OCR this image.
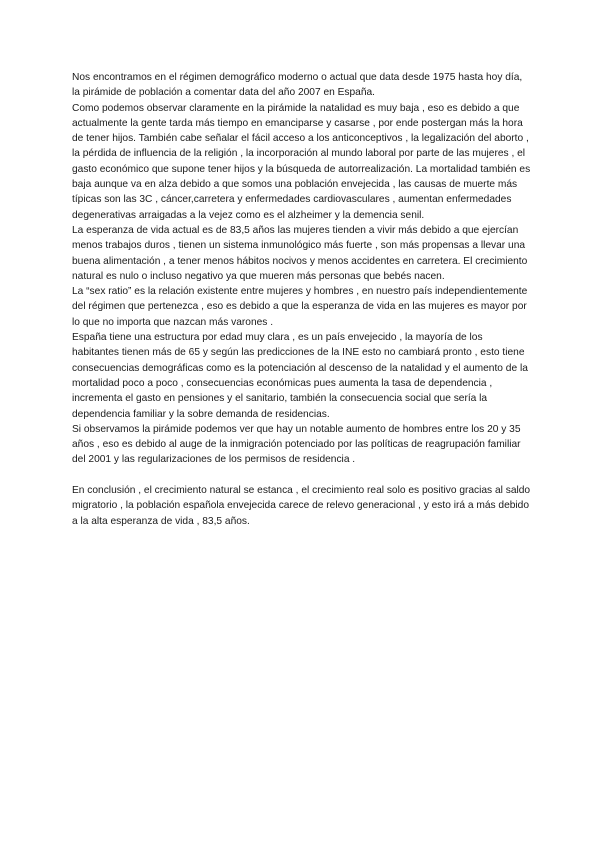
Nos encontramos en el régimen demográfico moderno o actual que data desde 1975 hasta hoy día, la pirámide de población a comentar data del año 2007 en España.

Como podemos observar claramente en la pirámide la natalidad es muy baja , eso es debido a que actualmente la gente tarda más tiempo en emanciparse y casarse , por ende postergan más la hora de tener hijos. También cabe señalar el fácil acceso a los anticonceptivos , la legalización del aborto , la pérdida de influencia de la religión , la incorporación al mundo laboral por parte de las mujeres , el gasto económico que supone tener hijos y la búsqueda de autorrealización. La mortalidad también es baja aunque va en alza debido a que somos una población envejecida , las causas de muerte más típicas son las 3C , cáncer,carretera y enfermedades cardiovasculares , aumentan enfermedades degenerativas arraigadas a la vejez como es el alzheimer y la demencia senil.

La esperanza de vida actual es de 83,5 años las mujeres tienden a vivir más debido a que ejercían menos trabajos duros , tienen un sistema inmunológico más fuerte , son más propensas a llevar una buena alimentación , a tener menos hábitos nocivos y menos accidentes en carretera. El crecimiento natural es nulo o incluso negativo ya que mueren más personas que bebés nacen.

La “sex ratio” es la relación existente entre mujeres y hombres , en nuestro país independientemente del régimen que pertenezca , eso es debido a que la esperanza de vida en las mujeres es mayor por lo que no importa que nazcan más varones .

España tiene una estructura por edad muy clara , es un país envejecido , la mayoría de los habitantes tienen más de 65 y según las predicciones de la INE esto no cambiará pronto , esto tiene consecuencias demográficas como es la potenciación al descenso de la natalidad y el aumento de la mortalidad poco a poco , consecuencias económicas pues aumenta la tasa de dependencia , incrementa el gasto en pensiones y el sanitario, también la consecuencia social que sería la dependencia familiar y la sobre demanda de residencias.

Si observamos la pirámide podemos ver que hay un notable aumento de hombres entre los 20 y 35 años , eso es debido al auge de la inmigración potenciado por las políticas de reagrupación familiar del 2001 y las regularizaciones de los permisos de residencia .

En conclusión , el crecimiento natural se estanca , el crecimiento real solo es positivo gracias al saldo migratorio , la población española envejecida carece de relevo generacional , y esto irá a más debido a la alta esperanza de vida , 83,5 años.
